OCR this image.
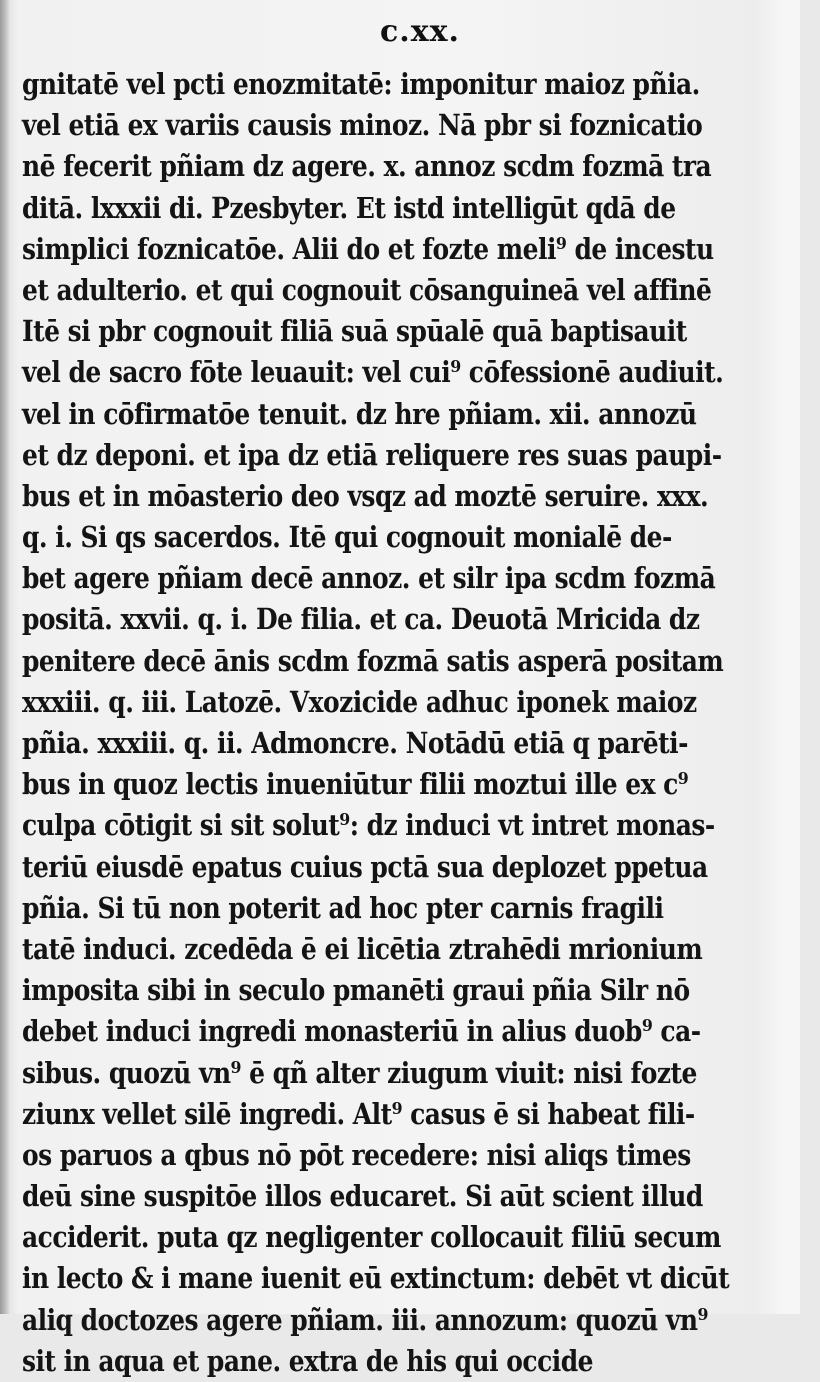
c.xx.
gnitatē vel pcti enozmitatē: imponitur maioz pñia.
vel etiā ex variis causis minoz. Nā pbr si foznicatio
nē fecerit pñiam dz agere. x. annoz scdm fozmā tra
ditā. lxxxii di. Pzesbyter. Et istd intelligūt qdā de
simplici foznicatōe. Alii do et fozte meli⁹ de incestu
et adulterio. et qui cognouit cōsanguineā vel affinē
Itē si pbr cognouit filiā suā spūalē quā baptisauit
vel de sacro fōte leuauit: vel cui⁹ cōfessionē audiuit.
vel in cōfirmatōe tenuit. dz hre pñiam. xii. annozū
et dz deponi. et ipa dz etiā reliquere res suas paupi-
bus et in mōasterio deo vsqz ad moztē seruire. xxx.
q. i. Si qs sacerdos. Itē qui cognouit monialē de-
bet agere pñiam decē annoz. et silr ipa scdm fozmā
positā. xxvii. q. i. De filia. et ca. Deuotā Mricida dz
penitere decē ānis scdm fozmā satis asperā positam
xxxiii. q. iii. Latozē. Vxozicide adhuc iponek maioz
pñia. xxxiii. q. ii. Admoncre. Notādū etiā q parēti-
bus in quoz lectis inueniūtur filii moztui ille ex c⁹
culpa cōtigit si sit solut⁹: dz induci vt intret monas-
teriū eiusdē epatus cuius pctā sua deplozet ppetua
pñia. Si tū non poterit ad hoc pter carnis fragili
tatē induci. zcedēda ē ei licētia ztrahēdi mrionium
imposita sibi in seculo pmanēti graui pñia Silr nō
debet induci ingredi monasteriū in alius duob⁹ ca-
sibus. quozū vn⁹ ē qñ alter ziugum viuit: nisi fozte
ziunx vellet silē ingredi. Alt⁹ casus ē si habeat fili-
os paruos a qbus nō pōt recedere: nisi aliqs times
deū sine suspitōe illos educaret. Si aūt scient illud
acciderit. puta qz negligenter collocauit filiū secum
in lecto & i mane iuenit eū extinctum: debēt vt dicūt
aliq doctozes agere pñiam. iii. annozum: quozū vn⁹
sit in aqua et pane. extra de his qui occide
